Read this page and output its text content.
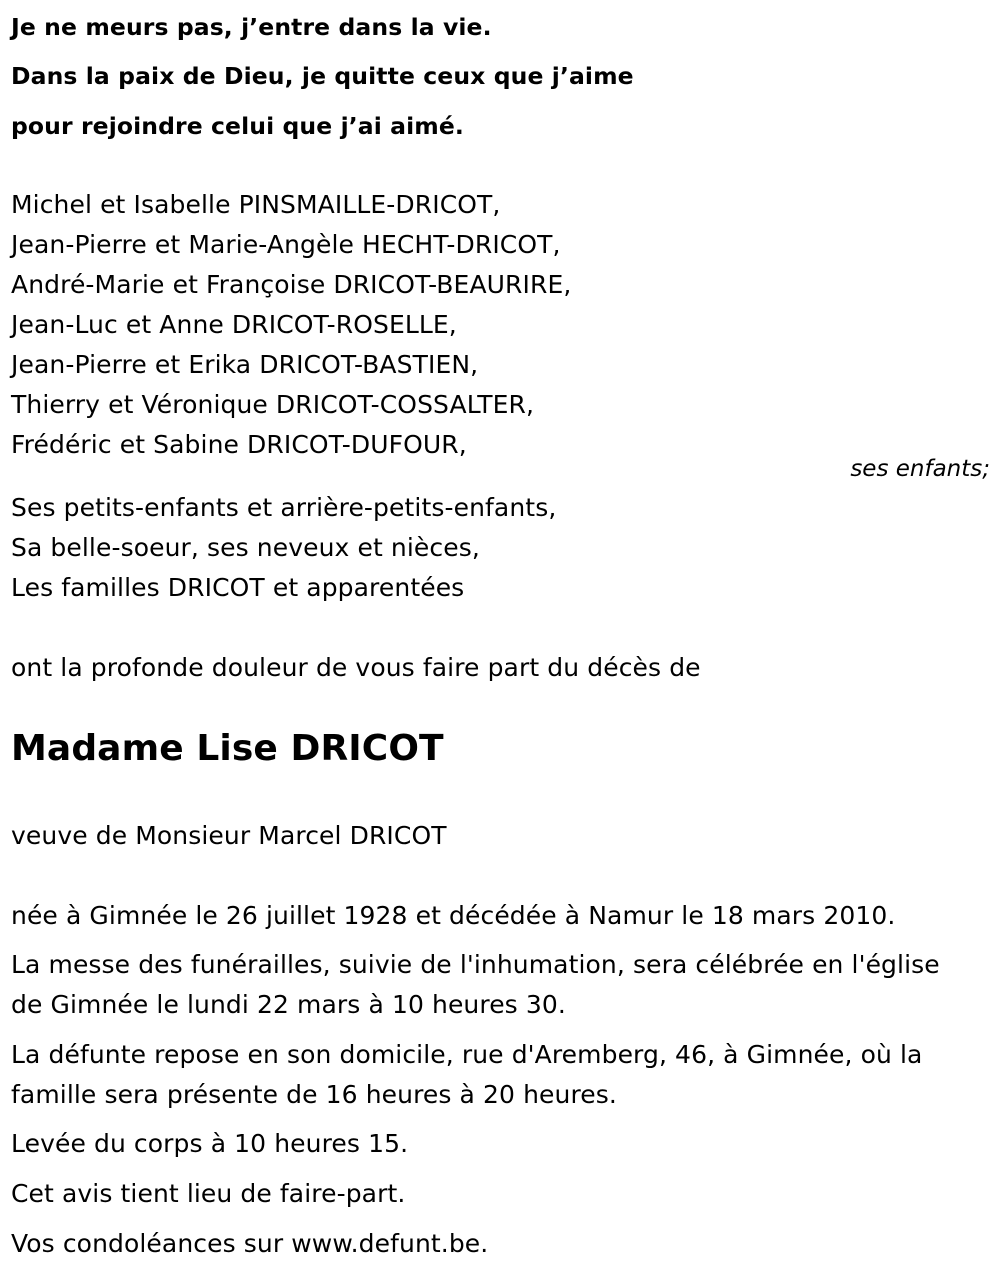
Je ne meurs pas, j’entre dans la vie.
Dans la paix de Dieu, je quitte ceux que j’aime
pour rejoindre celui que j’ai aimé.
Michel et Isabelle PINSMAILLE-DRICOT,
Jean-Pierre et Marie-Angèle HECHT-DRICOT,
André-Marie et Françoise DRICOT-BEAURIRE,
Jean-Luc et Anne DRICOT-ROSELLE,
Jean-Pierre et Erika DRICOT-BASTIEN,
Thierry et Véronique DRICOT-COSSALTER,
Frédéric et Sabine DRICOT-DUFOUR,
ses enfants;
Ses petits-enfants et arrière-petits-enfants,
Sa belle-soeur, ses neveux et nièces,
Les familles DRICOT et apparentées
ont la profonde douleur de vous faire part du décès de
Madame Lise DRICOT
veuve de Monsieur Marcel DRICOT
née à Gimnée le 26 juillet 1928 et décédée à Namur le 18 mars 2010.
La messe des funérailles, suivie de l'inhumation, sera célébrée en l'église
de Gimnée le lundi 22 mars à 10 heures 30.
La défunte repose en son domicile, rue d'Aremberg, 46, à Gimnée, où la
famille sera présente de 16 heures à 20 heures.
Levée du corps à 10 heures 15.
Cet avis tient lieu de faire-part.
Vos condoléances sur www.defunt.be.
